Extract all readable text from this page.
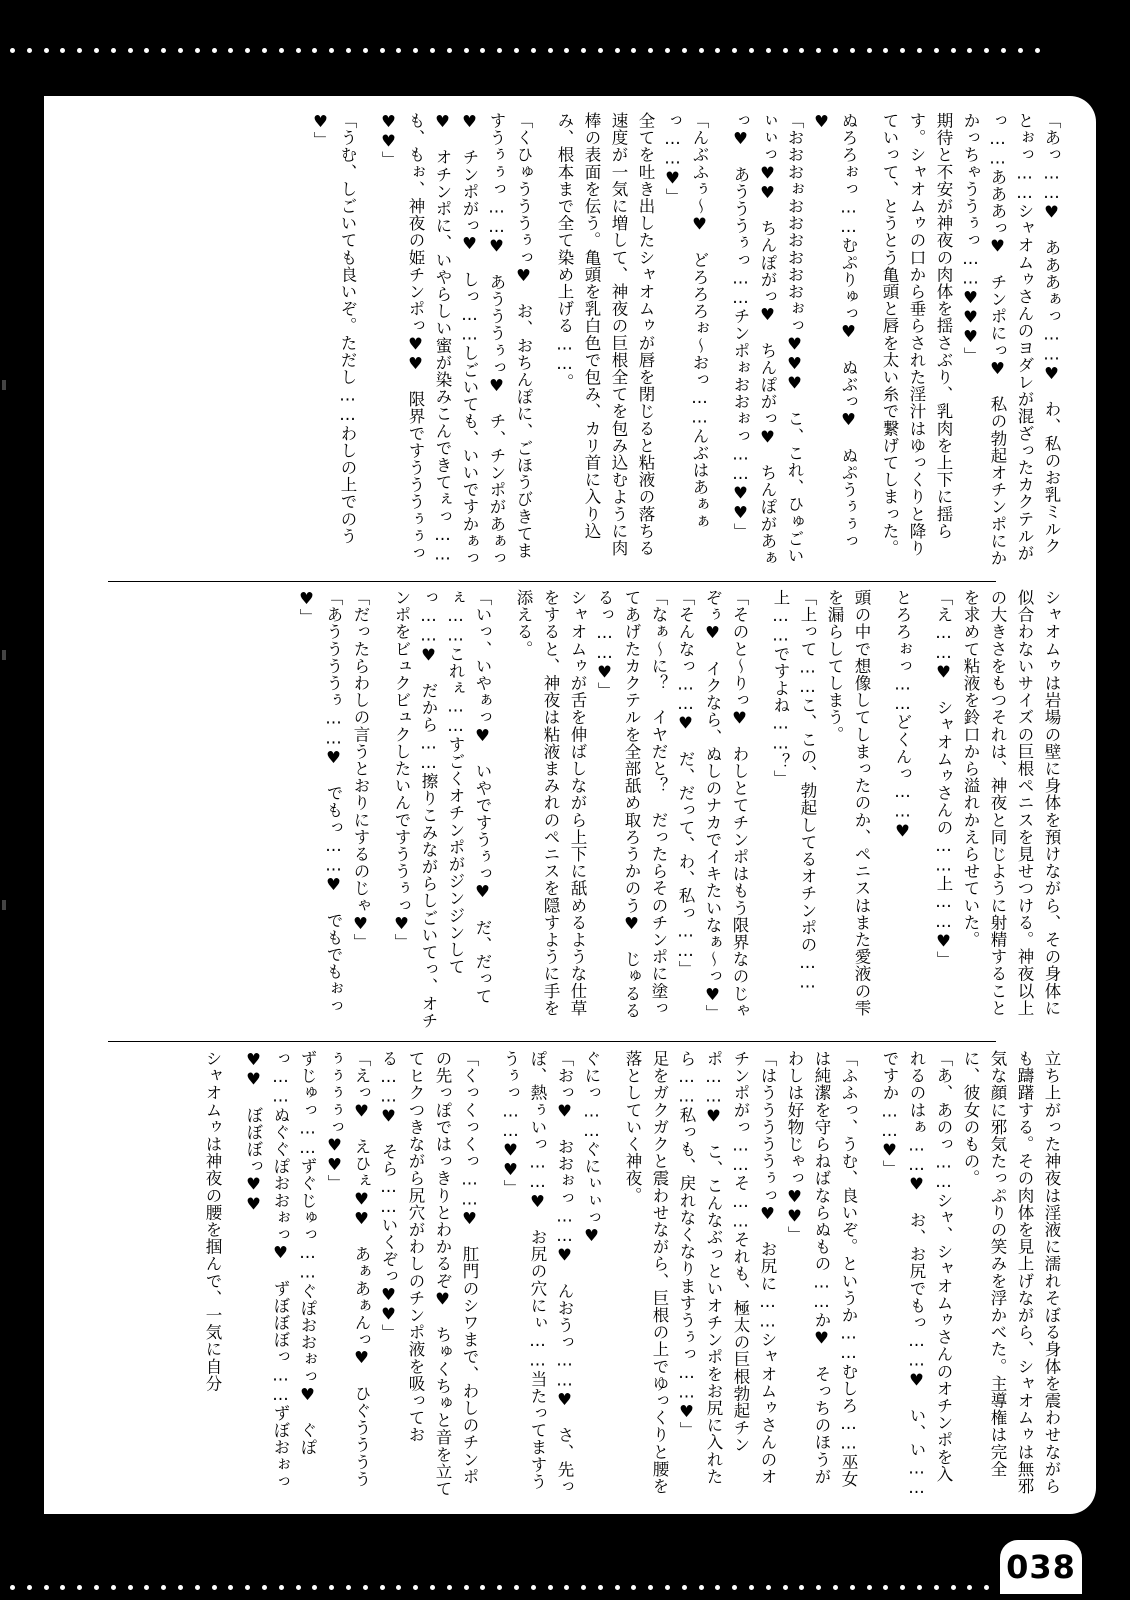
「あっ……♥　あああぁっ……♥　わ、私のお乳ミルクとぉっ……シャオムゥさんのヨダレが混ざったカクテルがっ……あああっ♥　チンポにっ♥　私の勃起オチンポにかかっちゃううぅっ……♥♥♥」
期待と不安が神夜の肉体を揺さぶり、乳肉を上下に揺らす。シャオムゥの口から垂らされた淫汁はゆっくりと降りていって、とうとう亀頭と唇を太い糸で繋げてしまった。
ぬろろぉっ……むぷりゅっ♥　ぬぶっ♥　ぬぷうぅぅっ♥
「おおおぉおおおおおおぉっ♥♥♥　こ、これ、ひゅごいぃぃっ♥♥　ちんぽがっ♥　ちんぽがっ♥　ちんぽがあぁっ♥　あうううぅっ……チンポぉおおぉっ……♥♥」
「んぶふぅ〜♥　どろろろぉ〜おっ……んぶはあぁぁっ……♥」
全てを吐き出したシャオムゥが唇を閉じると粘液の落ちる速度が一気に増して、神夜の巨根全てを包み込むように肉棒の表面を伝う。亀頭を乳白色で包み、カリ首に入り込み、根本まで全て染め上げる……。
「くひゅうううぅっ♥　お、おちんぽに、ごほうびきてますうぅぅっ……♥　あうううぅっ♥　チ、チンポがあぁっ♥　チンポがっ♥　しっ……しごいても、いいですかぁっ♥　オチンポに、いやらしい蜜が染みこんできてぇっ……も、もぉ、神夜の姫チンポっ♥♥　限界ですうううぅぅっ♥♥」
「うむ、しごいても良いぞ。ただし……わしの上でのう♥」
シャオムゥは岩場の壁に身体を預けながら、その身体に似合わないサイズの巨根ペニスを見せつける。神夜以上の大きさをもつそれは、神夜と同じように射精することを求めて粘液を鈴口から溢れかえらせていた。
「え……♥　シャオムゥさんの……上……♥」
とろろぉっ……どくんっ……♥
頭の中で想像してしまったのか、ペニスはまた愛液の雫を漏らしてしまう。
「上って……こ、この、勃起してるオチンポの……上……ですよね……？」
「そのと〜りっ♥　わしとてチンポはもう限界なのじゃぞぅ♥　イクなら、ぬしのナカでイキたいなぁ〜っ♥」
「そんなっ……♥　だ、だって、わ、私っ……」
「なぁ〜に？　イヤだと？　だったらそのチンポに塗ってあげたカクテルを全部舐め取ろうかのう♥　じゅるるるっ……♥」
シャオムゥが舌を伸ばしながら上下に舐めるような仕草をすると、神夜は粘液まみれのペニスを隠すように手を添える。
「いっ、いやぁっ♥　いやですうぅっ♥　だ、だってぇ……これぇ……すごくオチンポがジンジンしてっ……♥　だから……擦りこみながらしごいてっ、オチンポをビュクビュクしたいんですううぅっ♥」
「だったらわしの言うとおりにするのじゃ♥」
「あううううぅ……♥　でもっ……♥　でもでもぉっ♥」
立ち上がった神夜は淫液に濡れそぼる身体を震わせながらも躊躇する。その肉体を見上げながら、シャオムゥは無邪気な顔に邪気たっぷりの笑みを浮かべた。主導権は完全に、彼女のもの。
「あ、あのっ……シャ、シャオムゥさんのオチンポを入れるのはぁ……♥　お、お尻でもっ……♥　い、い……ですか……♥」
「ふふっ、うむ、良いぞ。というか……むしろ……巫女は純潔を守らねばならぬもの……か♥　そっちのほうがわしは好物じゃっ♥♥」
「はうううううぅっ♥　お尻に……シャオムゥさんのオチンポがっ……そ……それも、極太の巨根勃起チンポ……♥　こ、こんなぶっといオチンポをお尻に入れたら……私っも、戻れなくなりますうぅっ……♥」
足をガクガクと震わせながら、巨根の上でゆっくりと腰を落としていく神夜。
ぐにっ……ぐにぃぃっ♥
「おっ♥　おおぉっ……♥　んおうっ……♥　さ、先っぽ、熱ぅいっ……♥　お尻の穴にぃ……当たってますううぅっ……♥♥」
「くっくっくっ……♥　肛門のシワまで、わしのチンポの先っぽではっきりとわかるぞ♥　ちゅくちゅと音を立ててヒクつきながら尻穴がわしのチンポ液を吸っておる……♥　そら……いくぞっ♥♥」
「えっ♥　えひぇ♥♥　あぁあぁんっ♥　ひぐううううぅぅぅぅっ♥♥」
ずじゅっ……ずぐじゅっ……ぐぽおおぉっ♥　ぐぽっ……ぬぐぐぽおおぉっ♥　ずぼぼぼっ……ずぼおぉっ♥♥　ぼぼぼっ♥♥
シャオムゥは神夜の腰を掴んで、一気に自分
038
